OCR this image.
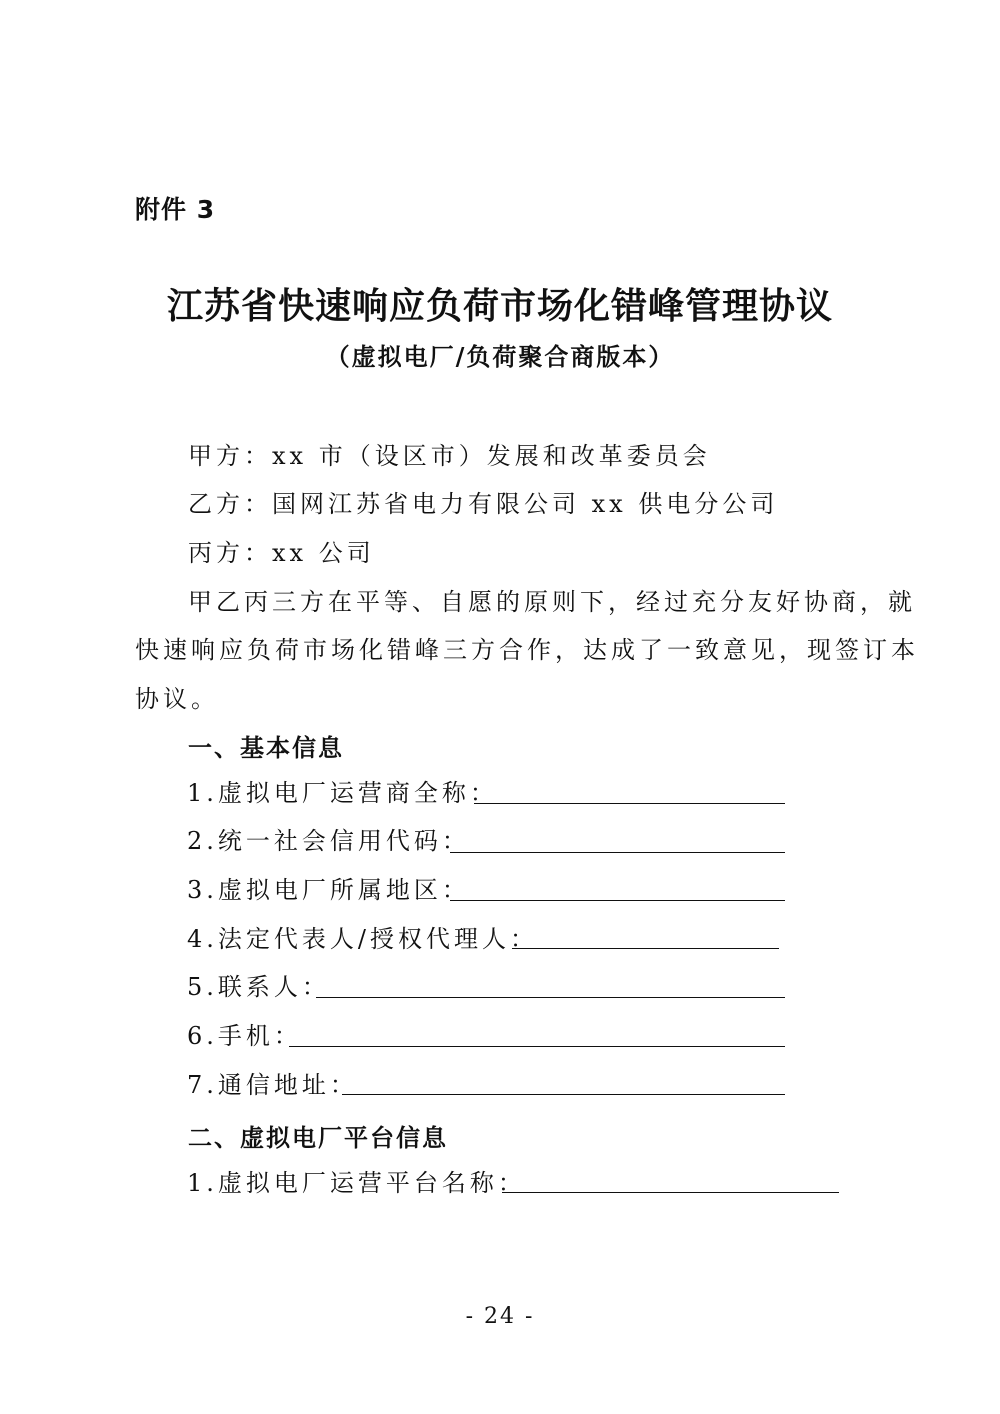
附件 3
江苏省快速响应负荷市场化错峰管理协议
（虚拟电厂/负荷聚合商版本）
甲方：xx 市（设区市）发展和改革委员会
乙方：国网江苏省电力有限公司 xx 供电分公司
丙方：xx 公司
甲乙丙三方在平等、自愿的原则下，经过充分友好协商，就
快速响应负荷市场化错峰三方合作，达成了一致意见，现签订本
协议。
一、基本信息
1.虚拟电厂运营商全称：
2.统一社会信用代码：
3.虚拟电厂所属地区：
4.法定代表人/授权代理人：
5.联系人：
6.手机：
7.通信地址：
二、虚拟电厂平台信息
1.虚拟电厂运营平台名称：
- 24 -
